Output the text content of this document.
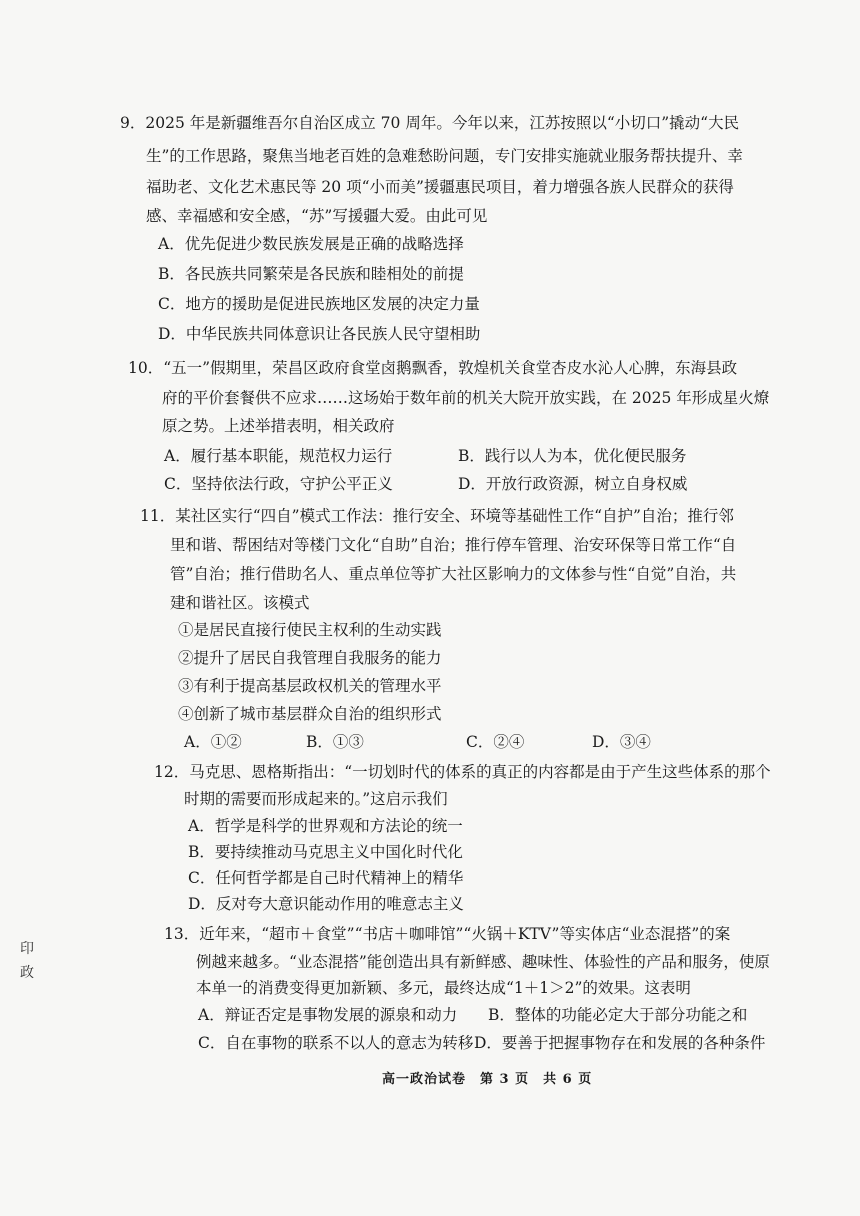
9．2025 年是新疆维吾尔自治区成立 70 周年。今年以来，江苏按照以“小切口”撬动“大民
生”的工作思路，聚焦当地老百姓的急难愁盼问题，专门安排实施就业服务帮扶提升、幸
福助老、文化艺术惠民等 20 项“小而美”援疆惠民项目，着力增强各族人民群众的获得
感、幸福感和安全感，“苏”写援疆大爱。由此可见
A．优先促进少数民族发展是正确的战略选择
B．各民族共同繁荣是各民族和睦相处的前提
C．地方的援助是促进民族地区发展的决定力量
D．中华民族共同体意识让各民族人民守望相助
10．“五一”假期里，荣昌区政府食堂卤鹅飘香，敦煌机关食堂杏皮水沁人心脾，东海县政
府的平价套餐供不应求……这场始于数年前的机关大院开放实践，在 2025 年形成星火燎
原之势。上述举措表明，相关政府
A．履行基本职能，规范权力运行	B．践行以人为本，优化便民服务
C．坚持依法行政，守护公平正义	D．开放行政资源，树立自身权威
11．某社区实行“四自”模式工作法：推行安全、环境等基础性工作“自护”自治；推行邻
里和谐、帮困结对等楼门文化“自助”自治；推行停车管理、治安环保等日常工作“自
管”自治；推行借助名人、重点单位等扩大社区影响力的文体参与性“自觉”自治，共
建和谐社区。该模式
①是居民直接行使民主权利的生动实践
②提升了居民自我管理自我服务的能力
③有利于提高基层政权机关的管理水平
④创新了城市基层群众自治的组织形式
A．①②	B．①③	C．②④	D．③④
12．马克思、恩格斯指出：“一切划时代的体系的真正的内容都是由于产生这些体系的那个
时期的需要而形成起来的。”这启示我们
A．哲学是科学的世界观和方法论的统一
B．要持续推动马克思主义中国化时代化
C．任何哲学都是自己时代精神上的精华
D．反对夸大意识能动作用的唯意志主义
13．近年来，“超市＋食堂”“书店＋咖啡馆”“火锅＋KTV”等实体店“业态混搭”的案
例越来越多。“业态混搭”能创造出具有新鲜感、趣味性、体验性的产品和服务，使原
本单一的消费变得更加新颖、多元，最终达成“1＋1＞2”的效果。这表明
A．辩证否定是事物发展的源泉和动力 B．整体的功能必定大于部分功能之和
C．自在事物的联系不以人的意志为转移 D．要善于把握事物存在和发展的各种条件
印
政
高一政治试卷　第 3 页　共 6 页
